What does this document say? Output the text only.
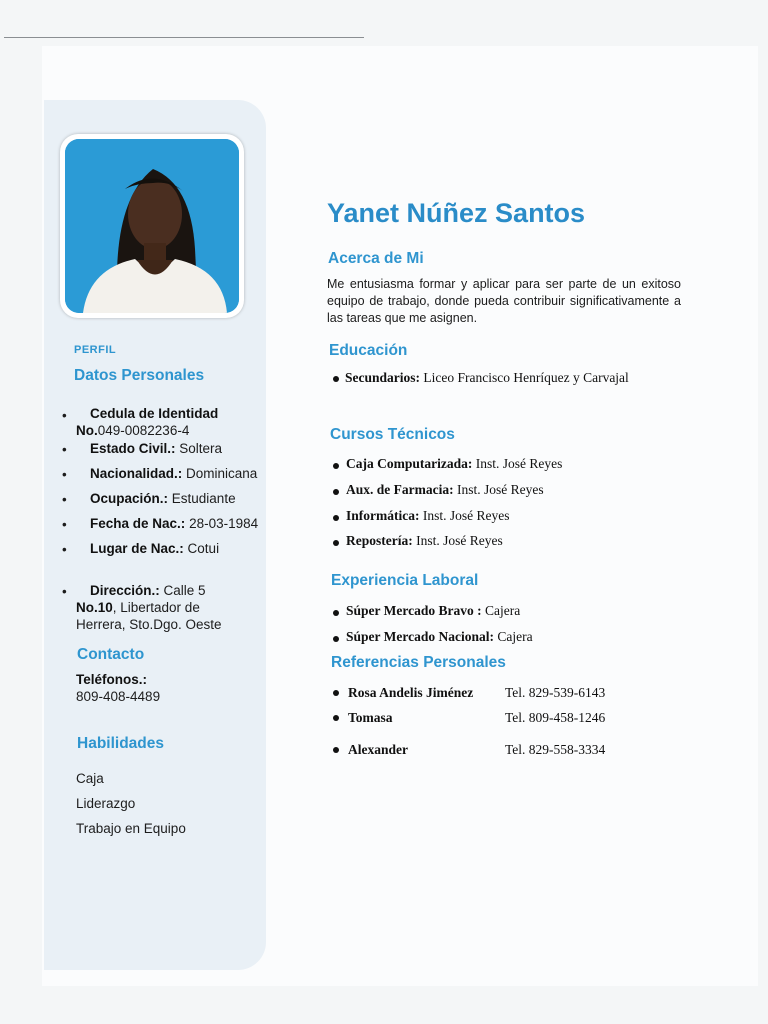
PERFIL
Datos Personales
•	Cedula de Identidad
No.049-0082236-4
• Estado Civil.: Soltera
• Nacionalidad.: Dominicana
• Ocupación.: Estudiante
• Fecha de Nac.: 28-03-1984
• Lugar de Nac.: Cotui
•	Dirección.: Calle 5
No.10, Libertador de
Herrera, Sto.Dgo. Oeste
Contacto
Teléfonos.:
809-408-4489
Habilidades
Caja
Liderazgo
Trabajo en Equipo
Yanet Núñez Santos
Acerca de Mi
Me entusiasma formar y aplicar para ser parte de un exitoso equipo de trabajo, donde pueda contribuir significativamente a las tareas que me asignen.
Educación
Secundarios: Liceo Francisco Henríquez y Carvajal
Cursos Técnicos
Caja Computarizada: Inst. José Reyes
Aux. de Farmacia: Inst. José Reyes
Informática: Inst. José Reyes
Repostería: Inst. José Reyes
Experiencia Laboral
Súper Mercado Bravo : Cajera
Súper Mercado Nacional: Cajera
Referencias Personales
Rosa Andelis Jiménez Tel. 829-539-6143
Tomasa	Tel. 809-458-1246
Alexander	Tel. 829-558-3334
